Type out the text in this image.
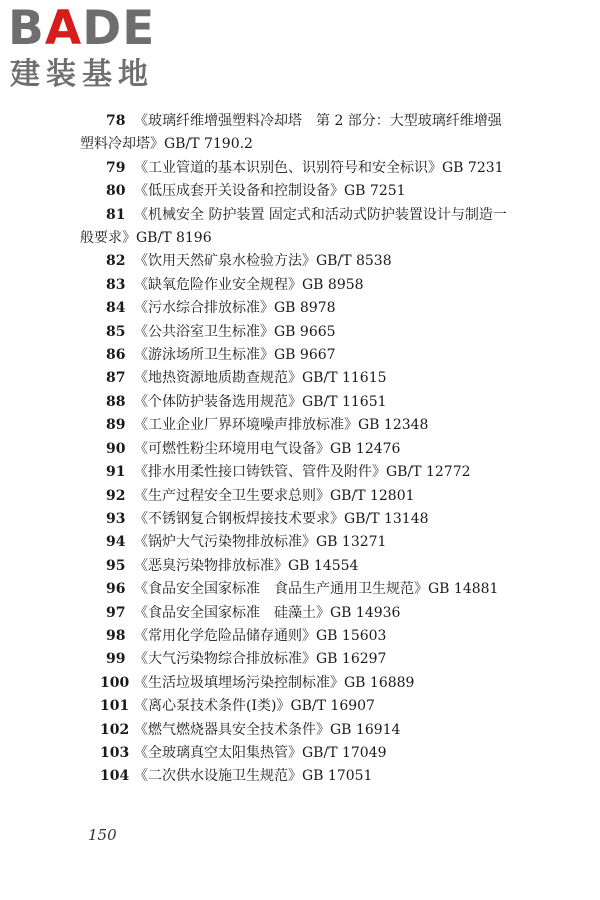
BADE
建装基地
78 《玻璃纤维增强塑料冷却塔　第 2 部分：大型玻璃纤维增强塑料冷却塔》GB/T 7190.2
79 《工业管道的基本识别色、识别符号和安全标识》GB 7231
80 《低压成套开关设备和控制设备》GB 7251
81 《机械安全 防护装置 固定式和活动式防护装置设计与制造一般要求》GB/T 8196
82 《饮用天然矿泉水检验方法》GB/T 8538
83 《缺氧危险作业安全规程》GB 8958
84 《污水综合排放标准》GB 8978
85 《公共浴室卫生标准》GB 9665
86 《游泳场所卫生标准》GB 9667
87 《地热资源地质勘查规范》GB/T 11615
88 《个体防护装备选用规范》GB/T 11651
89 《工业企业厂界环境噪声排放标准》GB 12348
90 《可燃性粉尘环境用电气设备》GB 12476
91 《排水用柔性接口铸铁管、管件及附件》GB/T 12772
92 《生产过程安全卫生要求总则》GB/T 12801
93 《不锈钢复合钢板焊接技术要求》GB/T 13148
94 《锅炉大气污染物排放标准》GB 13271
95 《恶臭污染物排放标准》GB 14554
96 《食品安全国家标准　食品生产通用卫生规范》GB 14881
97 《食品安全国家标准　硅藻土》GB 14936
98 《常用化学危险品储存通则》GB 15603
99 《大气污染物综合排放标准》GB 16297
100 《生活垃圾填埋场污染控制标准》GB 16889
101 《离心泵技术条件(Ⅰ类)》GB/T 16907
102 《燃气燃烧器具安全技术条件》GB 16914
103 《全玻璃真空太阳集热管》GB/T 17049
104 《二次供水设施卫生规范》GB 17051
150
